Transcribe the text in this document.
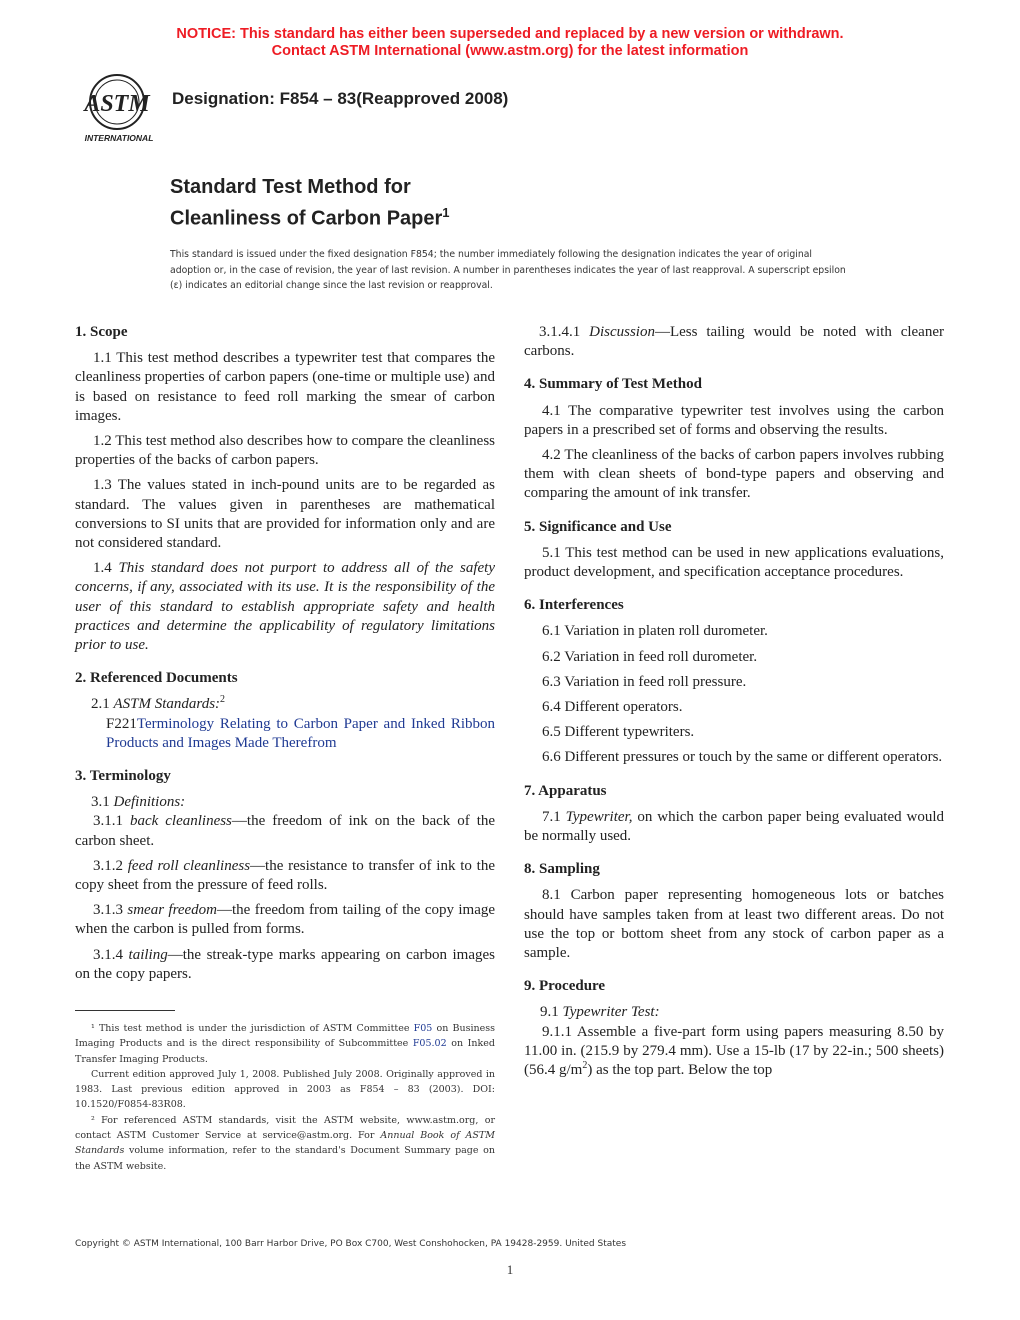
NOTICE: This standard has either been superseded and replaced by a new version or withdrawn.
Contact ASTM International (www.astm.org) for the latest information
ASTM
INTERNATIONAL
Designation: F854 – 83(Reapproved 2008)
Standard Test Method for
Cleanliness of Carbon Paper$^1$
This standard is issued under the fixed designation F854; the number immediately following the designation indicates the year of original adoption or, in the case of revision, the year of last revision. A number in parentheses indicates the year of last reapproval. A superscript epsilon (ε) indicates an editorial change since the last revision or reapproval.
1. Scope

1.1 This test method describes a typewriter test that compares the cleanliness properties of carbon papers (one-time or multiple use) and is based on resistance to feed roll marking the smear of carbon images.

1.2 This test method also describes how to compare the cleanliness properties of the backs of carbon papers.

1.3 The values stated in inch-pound units are to be regarded as standard. The values given in parentheses are mathematical conversions to SI units that are provided for information only and are not considered standard.

1.4 This standard does not purport to address all of the safety concerns, if any, associated with its use. It is the responsibility of the user of this standard to establish appropriate safety and health practices and determine the applicability of regulatory limitations prior to use.

2. Referenced Documents

2.1 ASTM Standards:$^2$

F221Terminology Relating to Carbon Paper and Inked Ribbon Products and Images Made Therefrom

3. Terminology

3.1 Definitions:

3.1.1 back cleanliness—the freedom of ink on the back of the carbon sheet.

3.1.2 feed roll cleanliness—the resistance to transfer of ink to the copy sheet from the pressure of feed rolls.

3.1.3 smear freedom—the freedom from tailing of the copy image when the carbon is pulled from forms.

3.1.4 tailing—the streak-type marks appearing on carbon images on the copy papers.

3.1.4.1 Discussion—Less tailing would be noted with cleaner carbons.

4. Summary of Test Method

4.1 The comparative typewriter test involves using the carbon papers in a prescribed set of forms and observing the results.

4.2 The cleanliness of the backs of carbon papers involves rubbing them with clean sheets of bond-type papers and observing and comparing the amount of ink transfer.

5. Significance and Use

5.1 This test method can be used in new applications evaluations, product development, and specification acceptance procedures.

6. Interferences

6.1 Variation in platen roll durometer.

6.2 Variation in feed roll durometer.

6.3 Variation in feed roll pressure.

6.4 Different operators.

6.5 Different typewriters.

6.6 Different pressures or touch by the same or different operators.

7. Apparatus

7.1 Typewriter, on which the carbon paper being evaluated would be normally used.

8. Sampling

8.1 Carbon paper representing homogeneous lots or batches should have samples taken from at least two different areas. Do not use the top or bottom sheet from any stock of carbon paper as a sample.

9. Procedure

9.1 Typewriter Test:

9.1.1 Assemble a five-part form using papers measuring 8.50 by 11.00 in. (215.9 by 279.4 mm). Use a 15-lb (17 by 22-in.; 500 sheets) (56.4 $g/m^2$) as the top part. Below the top

¹ This test method is under the jurisdiction of ASTM Committee F05 on Business Imaging Products and is the direct responsibility of Subcommittee F05.02 on Inked Transfer Imaging Products.

Current edition approved July 1, 2008. Published July 2008. Originally approved in 1983. Last previous edition approved in 2003 as F854 – 83 (2003). DOI: 10.1520/F0854-83R08.

² For referenced ASTM standards, visit the ASTM website, www.astm.org, or contact ASTM Customer Service at service@astm.org. For Annual Book of ASTM Standards volume information, refer to the standard's Document Summary page on the ASTM website.

Copyright © ASTM International, 100 Barr Harbor Drive, PO Box C700, West Conshohocken, PA 19428-2959. United States
1
